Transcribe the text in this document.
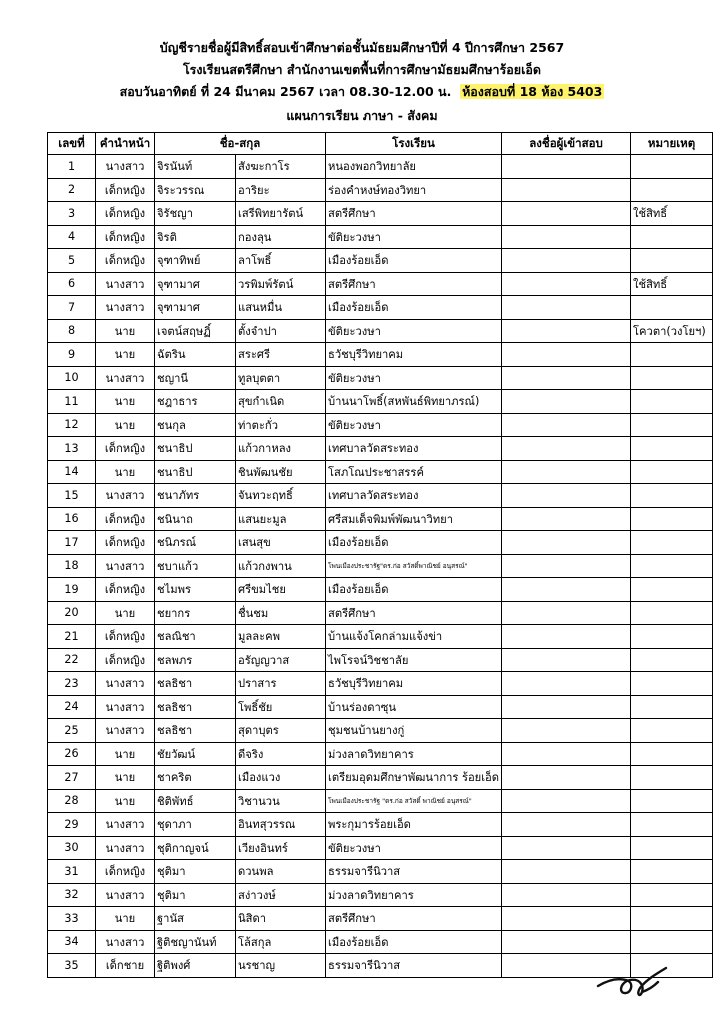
บัญชีรายชื่อผู้มีสิทธิ์สอบเข้าศึกษาต่อชั้นมัธยมศึกษาปีที่ 4 ปีการศึกษา 2567
โรงเรียนสตรีศึกษา สำนักงานเขตพื้นที่การศึกษามัธยมศึกษาร้อยเอ็ด
สอบวันอาทิตย์ ที่ 24 มีนาคม 2567 เวลา 08.30-12.00 น. ห้องสอบที่ 18 ห้อง 5403
แผนการเรียน ภาษา - สังคม
เลขที่	คำนำหน้า	ชื่อ-สกุล		โรงเรียน	ลงชื่อผู้เข้าสอบ	หมายเหตุ
1	นางสาว	จิรนันท์	สังฆะกาโร	หนองพอกวิทยาลัย		
2	เด็กหญิง	จิระวรรณ	อาริยะ	ร่องคำหงษ์ทองวิทยา		
3	เด็กหญิง	จิรัชญา	เสรีพิทยารัตน์	สตรีศึกษา		ใช้สิทธิ์
4	เด็กหญิง	จิรติ	กองลุน	ขัติยะวงษา		
5	เด็กหญิง	จุฑาทิพย์	ลาโพธิ์	เมืองร้อยเอ็ด		
6	นางสาว	จุฑามาศ	วรพิมพ์รัตน์	สตรีศึกษา		ใช้สิทธิ์
7	นางสาว	จุฑามาศ	แสนหมื่น	เมืองร้อยเอ็ด		
8	นาย	เจตน์สฤษฏิ์	ตั้งจำปา	ขัติยะวงษา		โควตา(วงโยฯ)
9	นาย	ฉัตริน	สระศรี	ธวัชบุรีวิทยาคม		
10	นางสาว	ชญานี	ทูลบุตตา	ขัติยะวงษา		
11	นาย	ชฎาธาร	สุขกำเนิด	บ้านนาโพธิ์(สหพันธ์พิทยาภรณ์)		
12	นาย	ชนกุล	ท่าตะกั่ว	ขัติยะวงษา		
13	เด็กหญิง	ชนาธิป	แก้วกาหลง	เทศบาลวัดสระทอง		
14	นาย	ชนาธิป	ชินพัฒนชัย	โสภโณประชาสรรค์		
15	นางสาว	ชนาภัทร	จันทวะฤทธิ์	เทศบาลวัดสระทอง		
16	เด็กหญิง	ชนินาถ	แสนยะมูล	ศรีสมเด็จพิมพ์พัฒนาวิทยา		
17	เด็กหญิง	ชนิภรณ์	เสนสุข	เมืองร้อยเอ็ด		
18	นางสาว	ชบาแก้ว	แก้วกงพาน	โพนเมืองประชารัฐ"ดร.ก่อ สวัสดิ์พาณิชย์ อนุสรณ์"		
19	เด็กหญิง	ชไมพร	ศรีขมไชย	เมืองร้อยเอ็ด		
20	นาย	ชยากร	ชื่นชม	สตรีศึกษา		
21	เด็กหญิง	ชลณิชา	มูลละคพ	บ้านแจ้งโคกล่ามแจ้งข่า		
22	เด็กหญิง	ชลพภร	อรัญญวาส	ไพโรจน์วิชชาลัย		
23	นางสาว	ชลธิชา	ปราสาร	ธวัชบุรีวิทยาคม		
24	นางสาว	ชลธิชา	โพธิ์ชัย	บ้านร่องดาซุน		
25	นางสาว	ชลธิชา	สุดาบุตร	ชุมชนบ้านยางกู่		
26	นาย	ชัยวัฒน์	ดีจริง	ม่วงลาดวิทยาคาร		
27	นาย	ชาคริต	เมืองแวง	เตรียมอุดมศึกษาพัฒนาการ ร้อยเอ็ด		
28	นาย	ชิติพัทธ์	วิชานวน	โพนเมืองประชารัฐ "ดร.ก่อ สวัสดิ์ พาณิชย์ อนุสรณ์"		
29	นางสาว	ชุดาภา	อินทสุวรรณ	พระกุมารร้อยเอ็ด		
30	นางสาว	ชุติกาญจน์	เวียงอินทร์	ขัติยะวงษา		
31	เด็กหญิง	ชุติมา	ดวนพล	ธรรมจารีนิวาส		
32	นางสาว	ชุติมา	สง่าวงษ์	ม่วงลาดวิทยาคาร		
33	นาย	ฐานัส	นิสิดา	สตรีศึกษา		
34	นางสาว	ฐิติชญานันท์	โล้สกุล	เมืองร้อยเอ็ด		
35	เด็กชาย	ฐิติพงศ์	นรชาญ	ธรรมจารีนิวาส		
